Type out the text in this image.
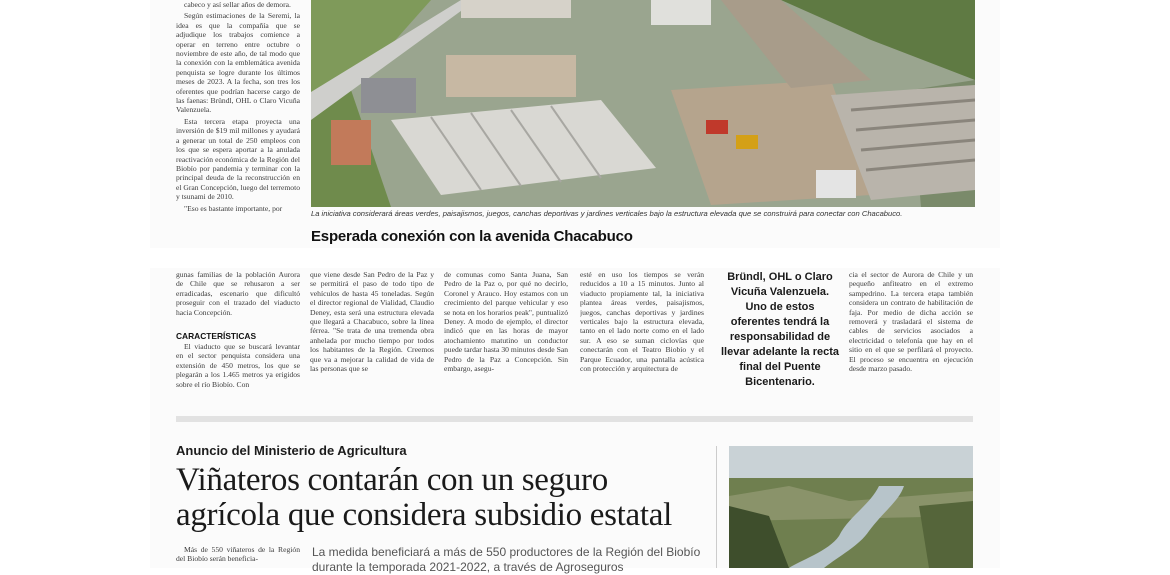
cabeco y así sellar años de demora.

Según estimaciones de la Seremi, la idea es que la compañía que se adjudique los trabajos comience a operar en terreno entre octubre o noviembre de este año, de tal modo que la conexión con la emblemática avenida penquista se logre durante los últimos meses de 2023. A la fecha, son tres los oferentes que podrían hacerse cargo de las faenas: Bründl, OHL o Claro Vicuña Valenzuela.

Esta tercera etapa proyecta una inversión de $19 mil millones y ayudará a generar un total de 250 empleos con los que se espera aportar a la anulada reactivación económica de la Región del Biobío por pandemia y terminar con la principal deuda de la reconstrucción en el Gran Concepción, luego del terremoto y tsunami de 2010.

"Eso es bastante importante, por

La iniciativa considerará áreas verdes, paisajismos, juegos, canchas deportivas y jardines verticales bajo la estructura elevada que se construirá para conectar con Chacabuco.
Esperada conexión con la avenida Chacabuco

gunas familias de la población Aurora de Chile que se rehusaron a ser erradicadas, escenario que dificultó proseguir con el trazado del viaducto hacia Concepción.

CARACTERÍSTICAS

El viaducto que se buscará levantar en el sector penquista considera una extensión de 450 metros, los que se plegarán a los 1.465 metros ya erigidos sobre el río Biobío. Con

que viene desde San Pedro de la Paz y se permitirá el paso de todo tipo de vehículos de hasta 45 toneladas. Según el director regional de Vialidad, Claudio Deney, esta será una estructura elevada que llegará a Chacabuco, sobre la línea férrea. "Se trata de una tremenda obra anhelada por mucho tiempo por todos los habitantes de la Región. Creemos que va a mejorar la calidad de vida de las personas que se

de comunas como Santa Juana, San Pedro de la Paz o, por qué no decirlo, Coronel y Arauco. Hoy estamos con un crecimiento del parque vehicular y eso se nota en los horarios peak", puntualizó Deney. A modo de ejemplo, el director indicó que en las horas de mayor atochamiento matutino un conductor puede tardar hasta 30 minutos desde San Pedro de la Paz a Concepción. Sin embargo, asegu-

esté en uso los tiempos se verán reducidos a 10 a 15 minutos. Junto al viaducto propiamente tal, la iniciativa plantea áreas verdes, paisajismos, juegos, canchas deportivas y jardines verticales bajo la estructura elevada, tanto en el lado norte como en el lado sur. A eso se suman ciclovías que conectarán con el Teatro Biobío y el Parque Ecuador, una pantalla acústica con protección y arquitectura de

Bründl, OHL o Claro Vicuña Valenzuela. Uno de estos oferentes tendrá la responsabilidad de llevar adelante la recta final del Puente Bicentenario.

cia el sector de Aurora de Chile y un pequeño anfiteatro en el extremo sampedrino. La tercera etapa también considera un contrato de habilitación de faja. Por medio de dicha acción se removerá y trasladará el sistema de cables de servicios asociados a electricidad o telefonía que hay en el sitio en el que se perfilará el proyecto. El proceso se encuentra en ejecución desde marzo pasado.

Anuncio del Ministerio de Agricultura
Viñateros contarán con un seguro agrícola que considera subsidio estatal

Más de 550 viñateros de la Región del Biobío serán beneficia-	La medida beneficiará a más de 550 productores de la Región del Biobío durante la temporada 2021-2022, a través de Agroseguros
